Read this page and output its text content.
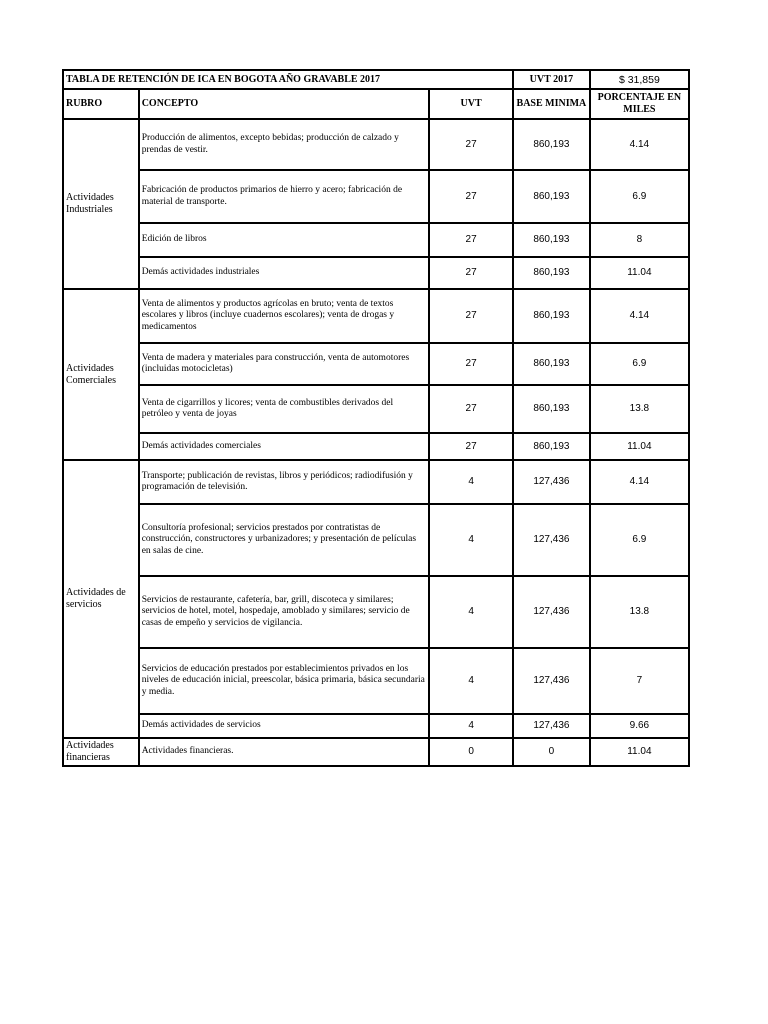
TABLA DE RETENCIÓN DE ICA EN BOGOTA AÑO GRAVABLE 2017			UVT 2017	$ 31,859
RUBRO	CONCEPTO	UVT	BASE MINIMA	PORCENTAJE EN MILES
Actividades Industriales	Producción de alimentos, excepto bebidas; producción de calzado y prendas de vestir.	27	860,193	4.14
	Fabricación de productos primarios de hierro y acero; fabricación de material de transporte.	27	860,193	6.9
	Edición de libros	27	860,193	8
	Demás actividades industriales	27	860,193	11.04
Actividades Comerciales	Venta de alimentos y productos agrícolas en bruto; venta de textos escolares y libros (incluye cuadernos escolares); venta de drogas y medicamentos	27	860,193	4.14
	Venta de madera y materiales para construcción, venta de automotores (incluidas motocicletas)	27	860,193	6.9
	Venta de cigarrillos y licores; venta de combustibles derivados del petróleo y venta de joyas	27	860,193	13.8
	Demás actividades comerciales	27	860,193	11.04
Actividades de servicios	Transporte; publicación de revistas, libros y periódicos; radiodifusión y programación de televisión.	4	127,436	4.14
	Consultoría profesional; servicios prestados por contratistas de construcción, constructores y urbanizadores; y presentación de películas en salas de cine.	4	127,436	6.9
	Servicios de restaurante, cafetería, bar, grill, discoteca y similares; servicios de hotel, motel, hospedaje, amoblado y similares; servicio de casas de empeño y servicios de vigilancia.	4	127,436	13.8
	Servicios de educación prestados por establecimientos privados en los niveles de educación inicial, preescolar, básica primaria, básica secundaria y media.	4	127,436	7
	Demás actividades de servicios	4	127,436	9.66
Actividades financieras	Actividades financieras.	0	0	11.04
